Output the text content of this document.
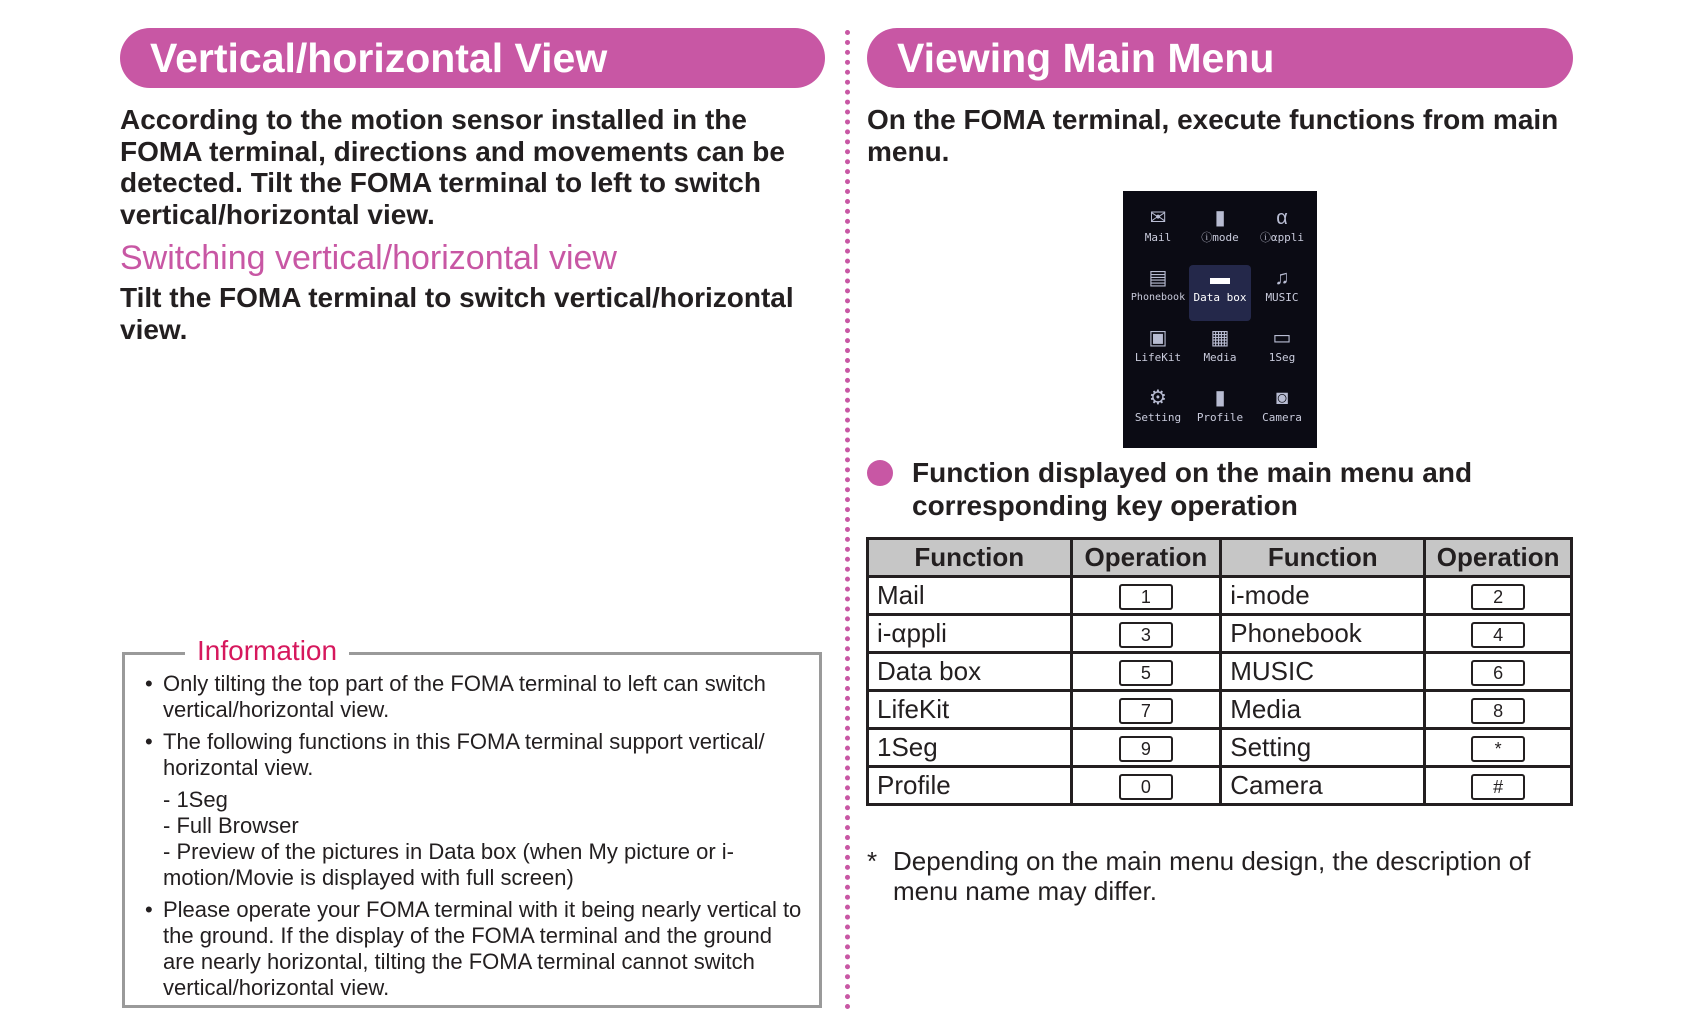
Vertical/horizontal View

According to the motion sensor installed in the FOMA terminal, directions and movements can be detected. Tilt the FOMA terminal to left to switch vertical/horizontal view.

Switching vertical/horizontal view

Tilt the FOMA terminal to switch vertical/horizontal view.

Information
• Only tilting the top part of the FOMA terminal to left can switch vertical/horizontal view.
• The following functions in this FOMA terminal support vertical/ horizontal view.
- 1Seg
- Full Browser
- Preview of the pictures in Data box (when My picture or i-motion/Movie is displayed with full screen)
• Please operate your FOMA terminal with it being nearly vertical to the ground. If the display of the FOMA terminal and the ground are nearly horizontal, tilting the FOMA terminal cannot switch vertical/horizontal view.
Viewing Main Menu

On the FOMA terminal, execute functions from main menu.

✉
Mail
▮
ⓘmode
α
ⓘαppli
▤
Phonebook
▬
Data box
♫
MUSIC
▣
LifeKit
▦
Media
▭
1Seg
⚙
Setting
▮
Profile
◙
Camera

Function displayed on the main menu and corresponding key operation

Function	Operation	Function	Operation
Mail	1	i-mode	2
i-αppli	3	Phonebook	4
Data box	5	MUSIC	6
LifeKit	7	Media	8
1Seg	9	Setting	*
Profile	0	Camera	#

* Depending on the main menu design, the description of menu name may differ.
